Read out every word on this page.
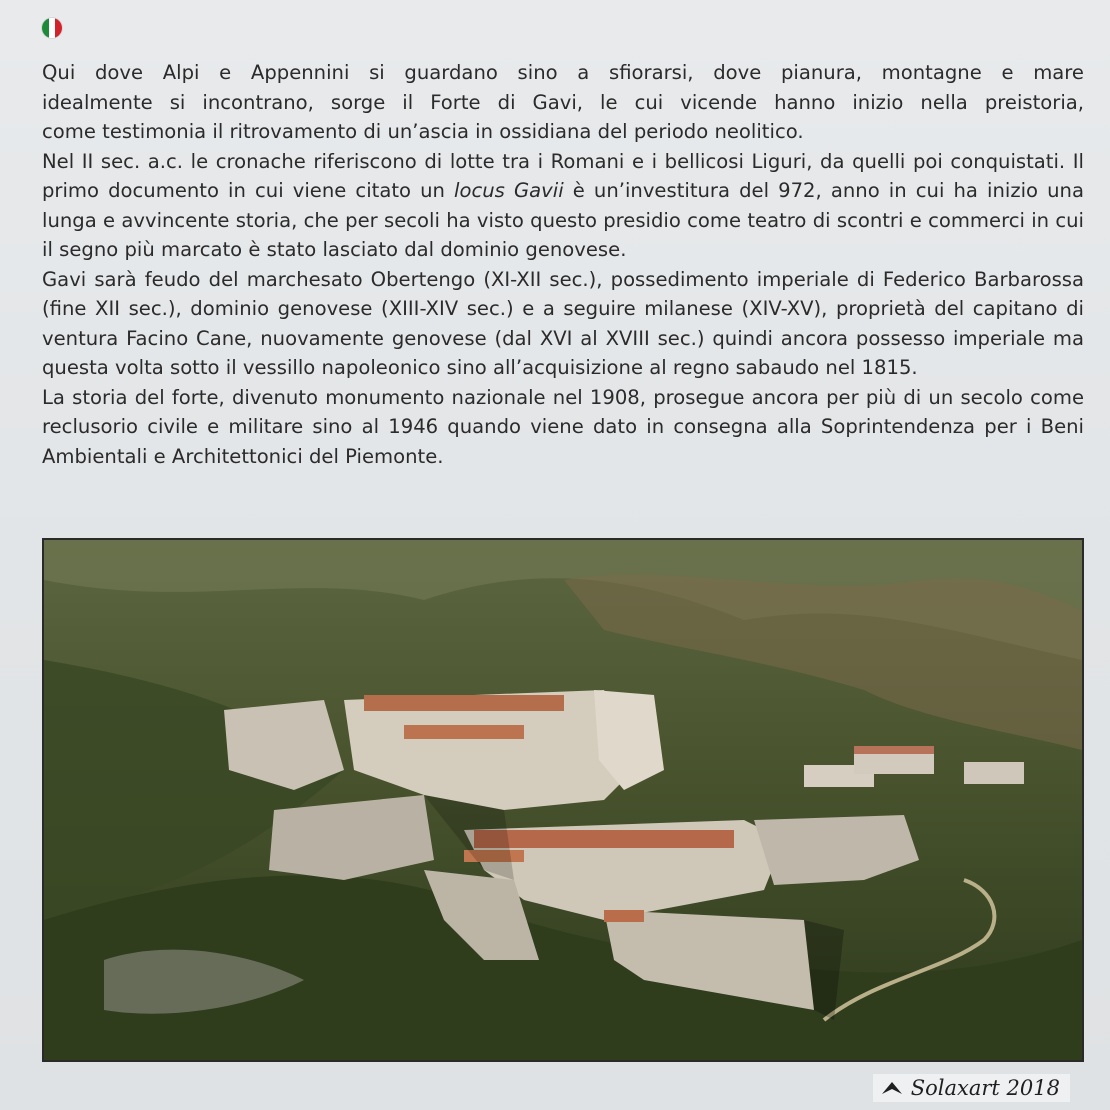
Qui dove Alpi e Appennini si guardano sino a sfiorarsi, dove pianura, montagne e mare

idealmente si incontrano, sorge il Forte di Gavi, le cui vicende hanno inizio nella preistoria,

come testimonia il ritrovamento di un’ascia in ossidiana del periodo neolitico.

Nel II sec. a.c. le cronache riferiscono di lotte tra i Romani e i bellicosi Liguri, da quelli poi conquistati. Il primo documento in cui viene citato un locus Gavii è un’investitura del 972, anno in cui ha inizio una lunga e avvincente storia, che per secoli ha visto questo presidio come teatro di scontri e commerci in cui il segno più marcato è stato lasciato dal dominio genovese.

Gavi sarà feudo del marchesato Obertengo (XI-XII sec.), possedimento imperiale di Federico Barbarossa (fine XII sec.), dominio genovese (XIII-XIV sec.) e a seguire milanese (XIV-XV), proprietà del capitano di ventura Facino Cane, nuovamente genovese (dal XVI al XVIII sec.) quindi ancora possesso imperiale ma questa volta sotto il vessillo napoleonico sino all’acquisizione al regno sabaudo nel 1815.

La storia del forte, divenuto monumento nazionale nel 1908, prosegue ancora per più di un secolo come reclusorio civile e militare sino al 1946 quando viene dato in consegna alla Soprintendenza per i Beni Ambientali e Architettonici del Piemonte.

Solaxart 2018
